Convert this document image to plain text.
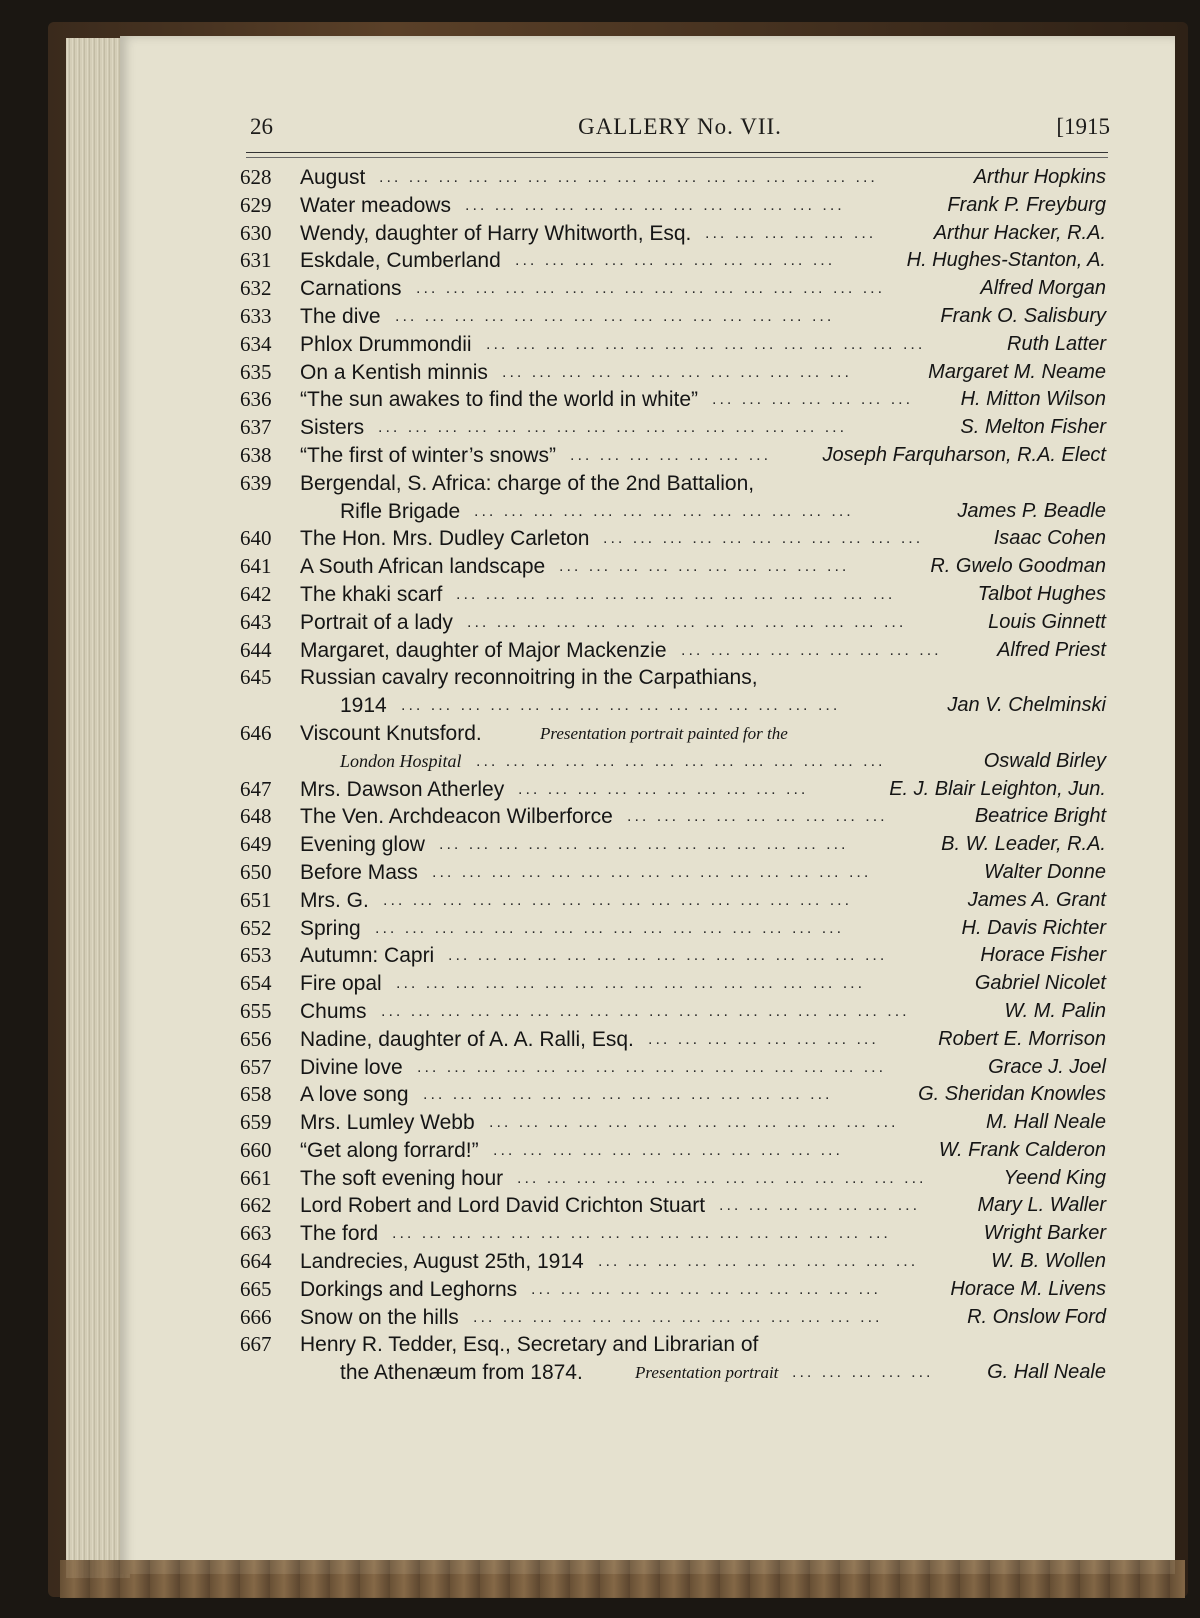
26	GALLERY No. VII.	[1915
628	August	Arthur Hopkins
... ... ... ... ... ... ... ... ... ... ... ... ... ... ... ... ...
629	Water meadows	Frank P. Freyburg
... ... ... ... ... ... ... ... ... ... ... ... ...
630	Wendy, daughter of Harry Whitworth, Esq.	Arthur Hacker, R.A.
... ... ... ... ... ...
631	Eskdale, Cumberland	H. Hughes-Stanton, A.
... ... ... ... ... ... ... ... ... ... ...
632	Carnations	Alfred Morgan
... ... ... ... ... ... ... ... ... ... ... ... ... ... ... ...
633	The dive	Frank O. Salisbury
... ... ... ... ... ... ... ... ... ... ... ... ... ... ...
634	Phlox Drummondii	Ruth Latter
... ... ... ... ... ... ... ... ... ... ... ... ... ... ...
635	On a Kentish minnis	Margaret M. Neame
... ... ... ... ... ... ... ... ... ... ... ...
636	“The sun awakes to find the world in white”	H. Mitton Wilson
... ... ... ... ... ... ...
637	Sisters	S. Melton Fisher
... ... ... ... ... ... ... ... ... ... ... ... ... ... ... ...
638	“The first of winter’s snows”	Joseph Farquharson, R.A. Elect
... ... ... ... ... ... ...
639	Bergendal, S. Africa: charge of the 2nd Battalion,
Rifle Brigade	James P. Beadle
... ... ... ... ... ... ... ... ... ... ... ... ...
640	The Hon. Mrs. Dudley Carleton	Isaac Cohen
... ... ... ... ... ... ... ... ... ... ...
641	A South African landscape	R. Gwelo Goodman
... ... ... ... ... ... ... ... ... ...
642	The khaki scarf	Talbot Hughes
... ... ... ... ... ... ... ... ... ... ... ... ... ... ...
643	Portrait of a lady	Louis Ginnett
... ... ... ... ... ... ... ... ... ... ... ... ... ... ...
644	Margaret, daughter of Major Mackenzie	Alfred Priest
... ... ... ... ... ... ... ... ...
645	Russian cavalry reconnoitring in the Carpathians,
1914	Jan V. Chelminski
... ... ... ... ... ... ... ... ... ... ... ... ... ... ...
646	Viscount Knutsford.	Presentation portrait painted for the
London Hospital	Oswald Birley
... ... ... ... ... ... ... ... ... ... ... ... ... ...
647	Mrs. Dawson Atherley	E. J. Blair Leighton, Jun.
... ... ... ... ... ... ... ... ... ...
648	The Ven. Archdeacon Wilberforce	Beatrice Bright
... ... ... ... ... ... ... ... ...
649	Evening glow	B. W. Leader, R.A.
... ... ... ... ... ... ... ... ... ... ... ... ... ...
650	Before Mass	Walter Donne
... ... ... ... ... ... ... ... ... ... ... ... ... ... ...
651	Mrs. G.	James A. Grant
... ... ... ... ... ... ... ... ... ... ... ... ... ... ... ...
652	Spring	H. Davis Richter
... ... ... ... ... ... ... ... ... ... ... ... ... ... ... ...
653	Autumn: Capri	Horace Fisher
... ... ... ... ... ... ... ... ... ... ... ... ... ... ...
654	Fire opal	Gabriel Nicolet
... ... ... ... ... ... ... ... ... ... ... ... ... ... ... ...
655	Chums	W. M. Palin
... ... ... ... ... ... ... ... ... ... ... ... ... ... ... ... ... ...
656	Nadine, daughter of A. A. Ralli, Esq.	Robert E. Morrison
... ... ... ... ... ... ... ...
657	Divine love	Grace J. Joel
... ... ... ... ... ... ... ... ... ... ... ... ... ... ... ...
658	A love song	G. Sheridan Knowles
... ... ... ... ... ... ... ... ... ... ... ... ... ...
659	Mrs. Lumley Webb	M. Hall Neale
... ... ... ... ... ... ... ... ... ... ... ... ... ...
660	“Get along forrard!”	W. Frank Calderon
... ... ... ... ... ... ... ... ... ... ... ...
661	The soft evening hour	Yeend King
... ... ... ... ... ... ... ... ... ... ... ... ... ...
662	Lord Robert and Lord David Crichton Stuart	Mary L. Waller
... ... ... ... ... ... ...
663	The ford	Wright Barker
... ... ... ... ... ... ... ... ... ... ... ... ... ... ... ... ...
664	Landrecies, August 25th, 1914	W. B. Wollen
... ... ... ... ... ... ... ... ... ... ...
665	Dorkings and Leghorns	Horace M. Livens
... ... ... ... ... ... ... ... ... ... ... ...
666	Snow on the hills	R. Onslow Ford
... ... ... ... ... ... ... ... ... ... ... ... ... ...
667	Henry R. Tedder, Esq., Secretary and Librarian of
the Athenæum from 1874.	Presentation portrait	G. Hall Neale
... ... ... ... ...
